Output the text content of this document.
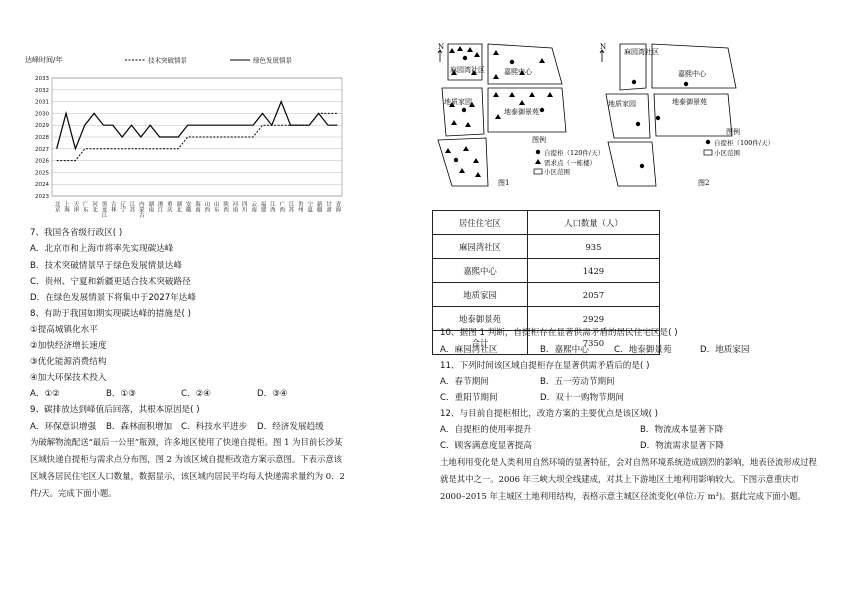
达峰时间/年
2023
2024
2025
2026
2027
2028
2029
2030
2031
2032
2033
北京 上海 天津 广东 河北 黑龙江 吉林 辽宁 江苏 内蒙古 湖南 浙江 重庆 湖北 安徽 海南 山西 山东 陕西 河南 四川 云南 福建 江西 广西 江苏 贵州 宁夏 新疆 甘肃 青海
技术突破情景	绿色发展情景
7、我国各省级行政区( )
A．北京市和上海市将率先实现碳达峰
B．技术突破情景早于绿色发展情景达峰
C．贵州、宁夏和新疆更适合技术突破路径
D．在绿色发展情景下将集中于2027年达峰
8、有助于我国如期实现碳达峰的措施是( )
①提高城镇化水平
②加快经济增长速度
③优化能源消费结构
④加大环保技术投入
A．①②	B．①③	C．②④	D．③④
9、碳排放达到峰值后回落，其根本原因是( )
A．环保意识增强 B．森林面积增加 C．科技水平进步 D．经济发展趋缓
为破解物流配送“最后一公里”瓶颈，许多地区使用了快递自提柜。图 1 为目前长沙某区域快递自提柜与需求点分布图，图 2 为该区域自提柜改造方案示意图。下表示意该区域各居民住宅区人口数量，数据显示，该区域内居民平均每人快递需求量约为 0．2 件/天。完成下面小题。
N
麻园湾社区	嘉熙中心
地质家园
地泰御景苑
图例
自提柜（120件/天）
需求点（一栋楼）
小区范围
图1
N
麻园湾社区
嘉熙中心
地质家园	地泰御景苑
图例
自提柜（100件/天）
小区范围
图2
居住住宅区	人口数量（人）
麻园湾社区	935
嘉熙中心	1429
地质家园	2057
地泰御景苑	2929
合计	7350
10、据图 1 判断，自提柜存在显著供需矛盾的居民住宅区是( )
A．麻园湾社区	B．嘉熙中心	C．地泰御景苑	D．地质家园
11、下列时间该区域自提柜存在显著供需矛盾后的是( )
A．春节期间	B．五一劳动节期间
C．重阳节期间	D．双十一购物节期间
12、与目前自提柜相比，改造方案的主要优点是该区域( )
A．自提柜的使用率提升	B．物流成本显著下降
C．顾客满意度显著提高	D．物流需求显著下降
土地利用变化是人类利用自然环境的显著特征，会对自然环境系统造成剧烈的影响，地表径流形成过程就是其中之一。2006 年三峡大坝全线建成，对其上下游地区土地利用影响较大。下图示意重庆市 2000–2015 年主城区土地利用结构，表格示意主城区径流变化(单位:万 m³)。据此完成下面小题。
